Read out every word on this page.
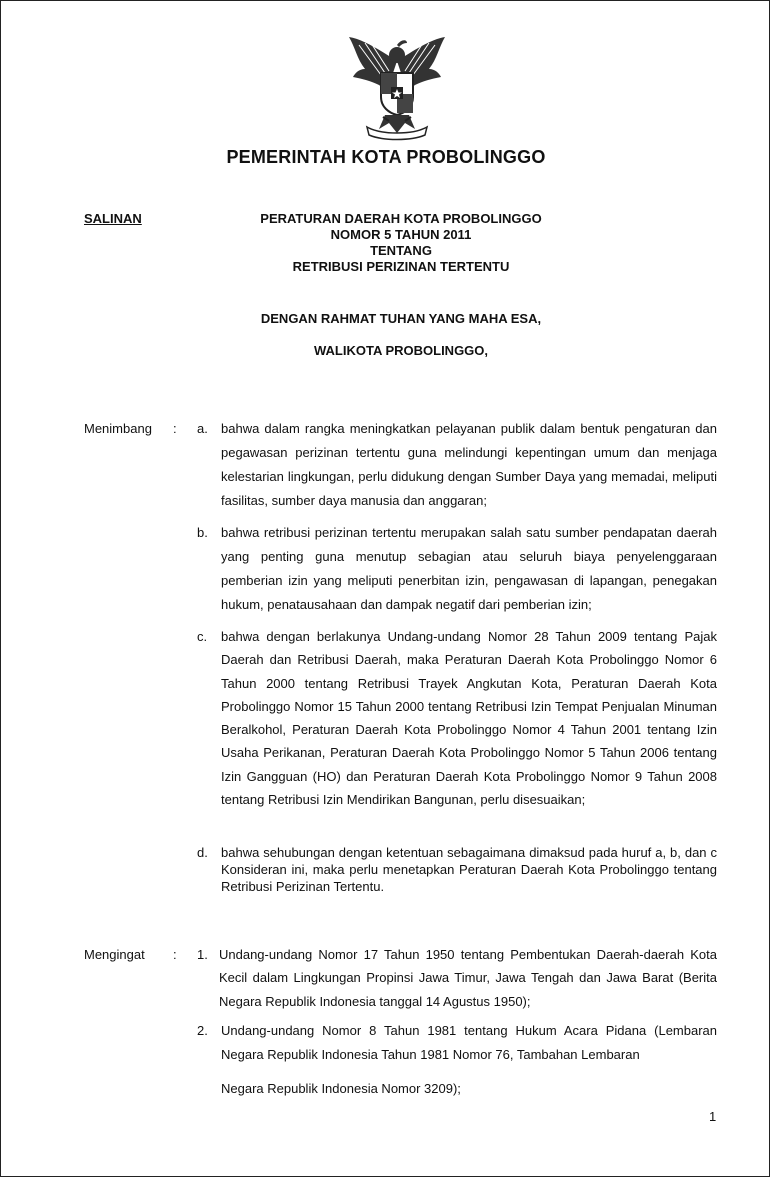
PEMERINTAH KOTA PROBOLINGGO
SALINAN	PERATURAN DAERAH KOTA PROBOLINGGO
NOMOR 5 TAHUN 2011
TENTANG
RETRIBUSI PERIZINAN TERTENTU
DENGAN RAHMAT TUHAN YANG MAHA ESA,
WALIKOTA PROBOLINGGO,
Menimbang : a. bahwa dalam rangka meningkatkan pelayanan publik dalam bentuk pengaturan dan pegawasan perizinan tertentu guna melindungi kepentingan umum dan menjaga kelestarian lingkungan, perlu didukung dengan Sumber Daya yang memadai, meliputi fasilitas, sumber daya manusia dan anggaran;
b. bahwa retribusi perizinan tertentu merupakan salah satu sumber pendapatan daerah yang penting guna menutup sebagian atau seluruh biaya penyelenggaraan pemberian izin yang meliputi penerbitan izin, pengawasan di lapangan, penegakan hukum, penatausahaan dan dampak negatif dari pemberian izin;
c. bahwa dengan berlakunya Undang-undang Nomor 28 Tahun 2009 tentang Pajak Daerah dan Retribusi Daerah, maka Peraturan Daerah Kota Probolinggo Nomor 6 Tahun 2000 tentang Retribusi Trayek Angkutan Kota, Peraturan Daerah Kota Probolinggo Nomor 15 Tahun 2000 tentang Retribusi Izin Tempat Penjualan Minuman Beralkohol, Peraturan Daerah Kota Probolinggo Nomor 4 Tahun 2001 tentang Izin Usaha Perikanan, Peraturan Daerah Kota Probolinggo Nomor 5 Tahun 2006 tentang Izin Gangguan (HO) dan Peraturan Daerah Kota Probolinggo Nomor 9 Tahun 2008 tentang Retribusi Izin Mendirikan Bangunan, perlu disesuaikan;
d. bahwa sehubungan dengan ketentuan sebagaimana dimaksud pada huruf a, b, dan c Konsideran ini, maka perlu menetapkan Peraturan Daerah Kota Probolinggo tentang Retribusi Perizinan Tertentu.
Mengingat : 1. Undang-undang Nomor 17 Tahun 1950 tentang Pembentukan Daerah-daerah Kota Kecil dalam Lingkungan Propinsi Jawa Timur, Jawa Tengah dan Jawa Barat (Berita Negara Republik Indonesia tanggal 14 Agustus 1950);
2. Undang-undang Nomor 8 Tahun 1981 tentang Hukum Acara Pidana (Lembaran Negara Republik Indonesia Tahun 1981 Nomor 76, Tambahan Lembaran
Negara Republik Indonesia Nomor 3209);
1
